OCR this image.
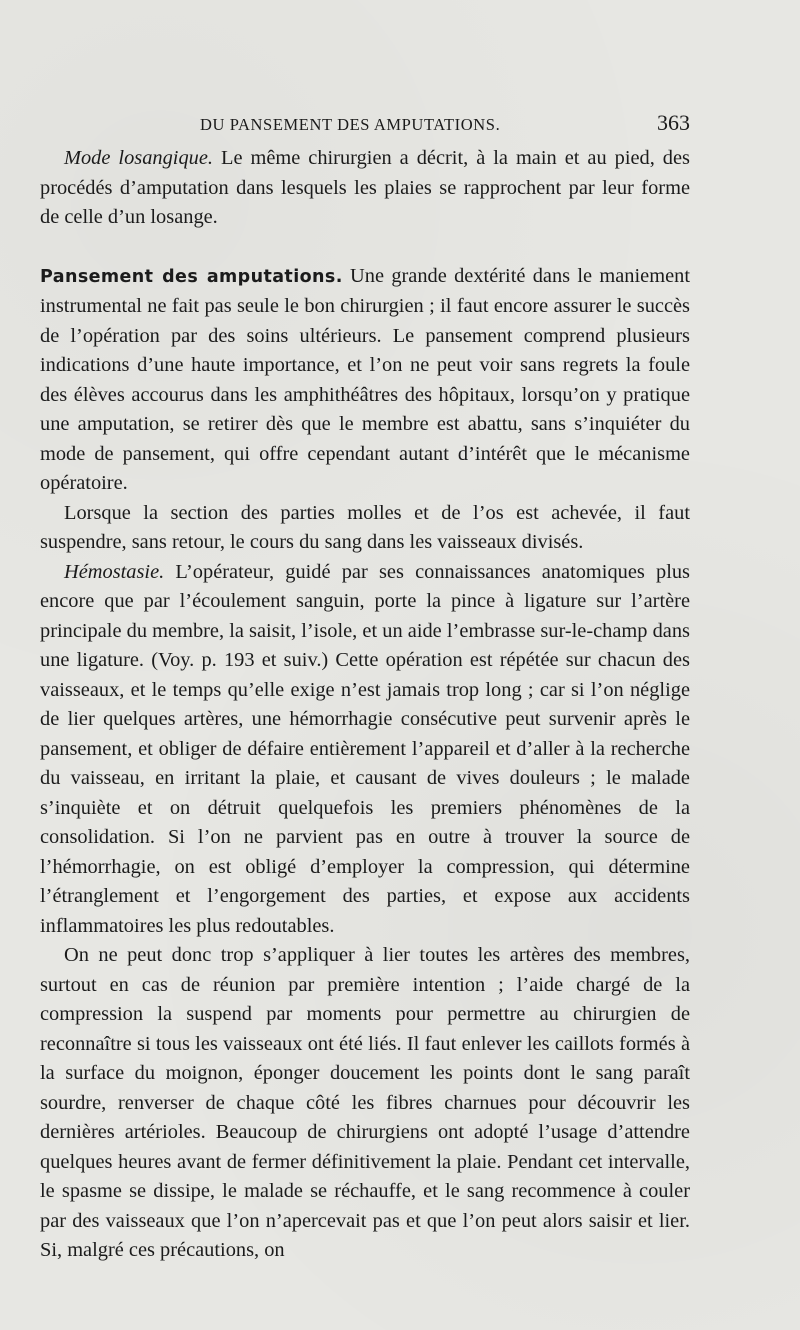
DU PANSEMENT DES AMPUTATIONS.	363

Mode losangique. Le même chirurgien a décrit, à la main et au pied, des procédés d’amputation dans lesquels les plaies se rapprochent par leur forme de celle d’un losange.

Pansement des amputations. Une grande dextérité dans le maniement instrumental ne fait pas seule le bon chirurgien ; il faut encore assurer le succès de l’opération par des soins ultérieurs. Le pansement comprend plusieurs indications d’une haute importance, et l’on ne peut voir sans regrets la foule des élèves accourus dans les amphithéâtres des hôpitaux, lorsqu’on y pratique une amputation, se retirer dès que le membre est abattu, sans s’inquiéter du mode de pansement, qui offre cependant autant d’intérêt que le mécanisme opératoire.

Lorsque la section des parties molles et de l’os est achevée, il faut suspendre, sans retour, le cours du sang dans les vaisseaux divisés.

Hémostasie. L’opérateur, guidé par ses connaissances anatomiques plus encore que par l’écoulement sanguin, porte la pince à ligature sur l’artère principale du membre, la saisit, l’isole, et un aide l’embrasse sur-le-champ dans une ligature. (Voy. p. 193 et suiv.) Cette opération est répétée sur chacun des vaisseaux, et le temps qu’elle exige n’est jamais trop long ; car si l’on néglige de lier quelques artères, une hémorrhagie consécutive peut survenir après le pansement, et obliger de défaire entièrement l’appareil et d’aller à la recherche du vaisseau, en irritant la plaie, et causant de vives douleurs ; le malade s’inquiète et on détruit quelquefois les premiers phénomènes de la consolidation. Si l’on ne parvient pas en outre à trouver la source de l’hémorrhagie, on est obligé d’employer la compression, qui détermine l’étranglement et l’engorgement des parties, et expose aux accidents inflammatoires les plus redoutables.

On ne peut donc trop s’appliquer à lier toutes les artères des membres, surtout en cas de réunion par première intention ; l’aide chargé de la compression la suspend par moments pour permettre au chirurgien de reconnaître si tous les vaisseaux ont été liés. Il faut enlever les caillots formés à la surface du moignon, éponger doucement les points dont le sang paraît sourdre, renverser de chaque côté les fibres charnues pour découvrir les dernières artérioles. Beaucoup de chirurgiens ont adopté l’usage d’attendre quelques heures avant de fermer définitivement la plaie. Pendant cet intervalle, le spasme se dissipe, le malade se réchauffe, et le sang recommence à couler par des vaisseaux que l’on n’apercevait pas et que l’on peut alors saisir et lier. Si, malgré ces précautions, on
